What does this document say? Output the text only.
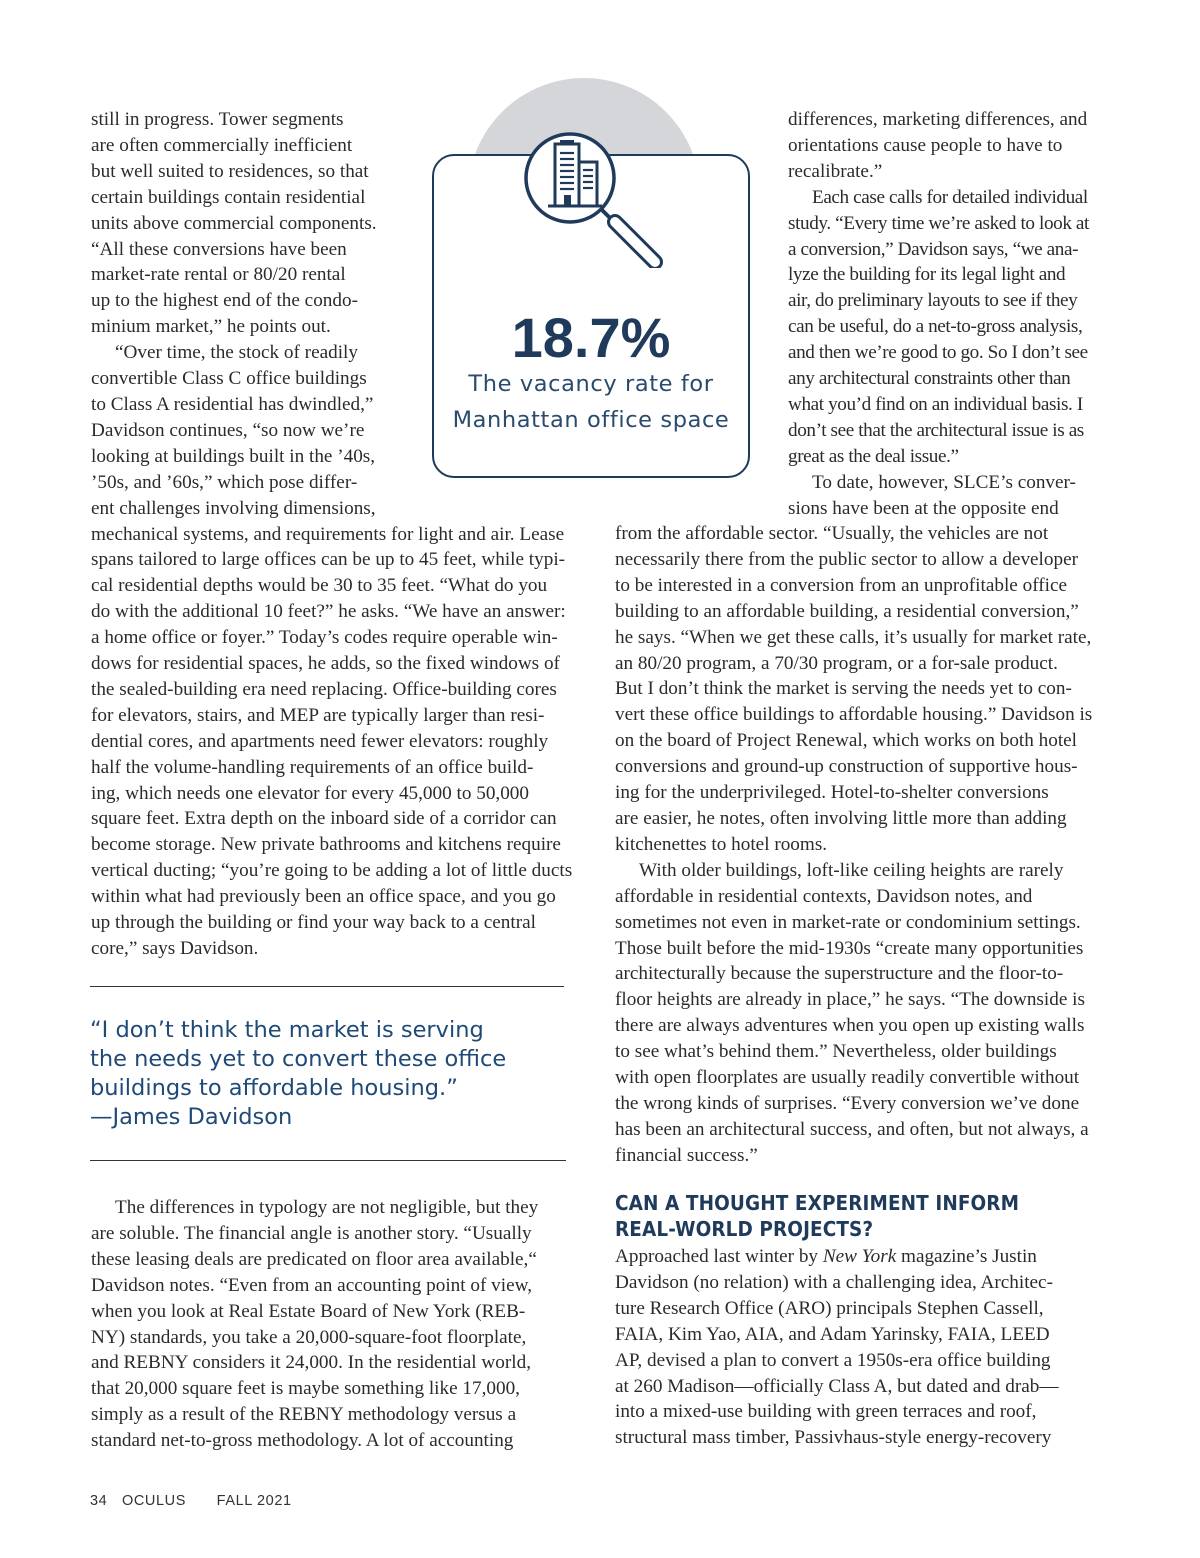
still in progress. Tower segments
are often commercially inefficient
but well suited to residences, so that
certain buildings contain residential
units above commercial components.
“All these conversions have been
market-rate rental or 80/20 rental
up to the highest end of the condo-
minium market,” he points out.
“Over time, the stock of readily
convertible Class C office buildings
to Class A residential has dwindled,”
Davidson continues, “so now we’re
looking at buildings built in the ’40s,
’50s, and ’60s,” which pose differ-
ent challenges involving dimensions,
mechanical systems, and requirements for light and air. Lease
spans tailored to large offices can be up to 45 feet, while typi-
cal residential depths would be 30 to 35 feet. “What do you
do with the additional 10 feet?” he asks. “We have an answer:
a home office or foyer.” Today’s codes require operable win-
dows for residential spaces, he adds, so the fixed windows of
the sealed-building era need replacing. Office-building cores
for elevators, stairs, and MEP are typically larger than resi-
dential cores, and apartments need fewer elevators: roughly
half the volume-handling requirements of an office build-
ing, which needs one elevator for every 45,000 to 50,000
square feet. Extra depth on the inboard side of a corridor can
become storage. New private bathrooms and kitchens require
vertical ducting; “you’re going to be adding a lot of little ducts
within what had previously been an office space, and you go
up through the building or find your way back to a central
core,” says Davidson.

18.7%

The vacancy rate for
Manhattan office space

differences, marketing differences, and
orientations cause people to have to
recalibrate.”
Each case calls for detailed individual
study. “Every time we’re asked to look at
a conversion,” Davidson says, “we ana-
lyze the building for its legal light and
air, do preliminary layouts to see if they
can be useful, do a net-to-gross analysis,
and then we’re good to go. So I don’t see
any architectural constraints other than
what you’d find on an individual basis. I
don’t see that the architectural issue is as
great as the deal issue.”
To date, however, SLCE’s conver-
sions have been at the opposite end
from the affordable sector. “Usually, the vehicles are not
necessarily there from the public sector to allow a developer
to be interested in a conversion from an unprofitable office
building to an affordable building, a residential conversion,”
he says. “When we get these calls, it’s usually for market rate,
an 80/20 program, a 70/30 program, or a for-sale product.
But I don’t think the market is serving the needs yet to con-
vert these office buildings to affordable housing.” Davidson is
on the board of Project Renewal, which works on both hotel
conversions and ground-up construction of supportive hous-
ing for the underprivileged. Hotel-to-shelter conversions
are easier, he notes, often involving little more than adding
kitchenettes to hotel rooms.
With older buildings, loft-like ceiling heights are rarely
affordable in residential contexts, Davidson notes, and
sometimes not even in market-rate or condominium settings.
Those built before the mid-1930s “create many opportunities
architecturally because the superstructure and the floor-to-
floor heights are already in place,” he says. “The downside is
there are always adventures when you open up existing walls
to see what’s behind them.” Nevertheless, older buildings
with open floorplates are usually readily convertible without
the wrong kinds of surprises. “Every conversion we’ve done
has been an architectural success, and often, but not always, a
financial success.”

“I don’t think the market is serving
the needs yet to convert these office
buildings to affordable housing.”
—James Davidson

The differences in typology are not negligible, but they
are soluble. The financial angle is another story. “Usually
these leasing deals are predicated on floor area available,“
Davidson notes. “Even from an accounting point of view,
when you look at Real Estate Board of New York (REB-
NY) standards, you take a 20,000-square-foot floorplate,
and REBNY considers it 24,000. In the residential world,
that 20,000 square feet is maybe something like 17,000,
simply as a result of the REBNY methodology versus a
standard net-to-gross methodology. A lot of accounting
CAN A THOUGHT EXPERIMENT INFORM
REAL-WORLD PROJECTS?
Approached last winter by New York magazine’s Justin
Davidson (no relation) with a challenging idea, Architec-
ture Research Office (ARO) principals Stephen Cassell,
FAIA, Kim Yao, AIA, and Adam Yarinsky, FAIA, LEED
AP, devised a plan to convert a 1950s-era office building
at 260 Madison—officially Class A, but dated and drab—
into a mixed-use building with green terraces and roof,
structural mass timber, Passivhaus-style energy-recovery
34 OCULUS FALL 2021
